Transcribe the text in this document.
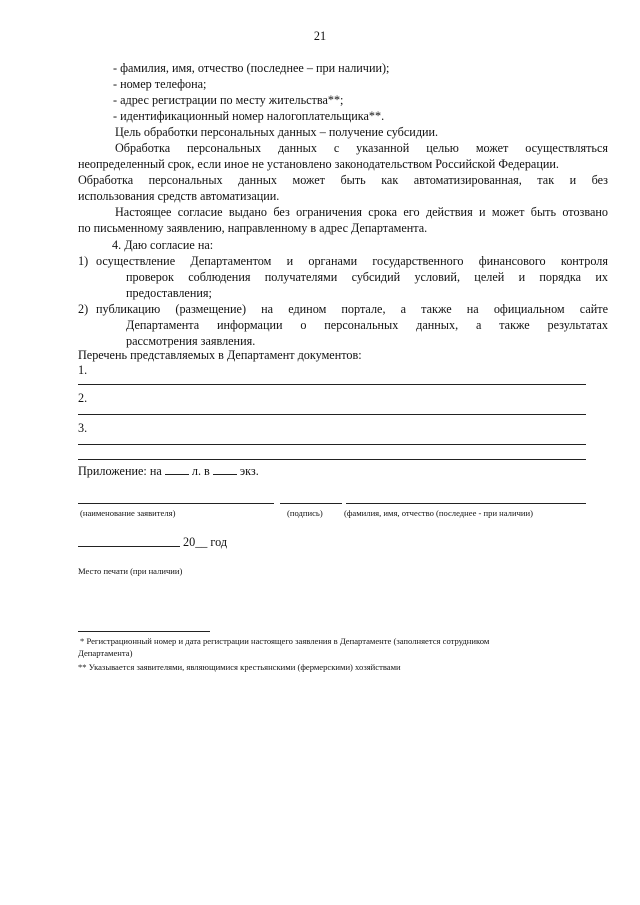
21
- фамилия, имя, отчество (последнее – при наличии);
- номер телефона;
- адрес регистрации по месту жительства**;
- идентификационный номер налогоплательщика**.
Цель обработки персональных данных – получение субсидии.
Обработка персональных данных с указанной целью может осуществляться
неопределенный срок, если иное не установлено законодательством Российской Федерации.
Обработка персональных данных может быть как автоматизированная, так и без
использования средств автоматизации.
Настоящее согласие выдано без ограничения срока его действия и может быть отозвано
по письменному заявлению, направленному в адрес Департамента.
4. Даю согласие на:
1) осуществление Департаментом и органами государственного финансового контроля
проверок соблюдения получателями субсидий условий, целей и порядка их
предоставления;
2) публикацию (размещение) на едином портале, а также на официальном сайте
Департамента информации о персональных данных, а также результатах
рассмотрения заявления.
Перечень представляемых в Департамент документов:
1.
2.
3.
Приложение: на л. в экз.
(наименование заявителя)	(подпись) (фамилия, имя, отчество (последнее - при наличии)
20__ год
Место печати (при наличии)
* Регистрационный номер и дата регистрации настоящего заявления в Департаменте (заполняется сотрудником
Департамента)
** Указывается заявителями, являющимися крестьянскими (фермерскими) хозяйствами
